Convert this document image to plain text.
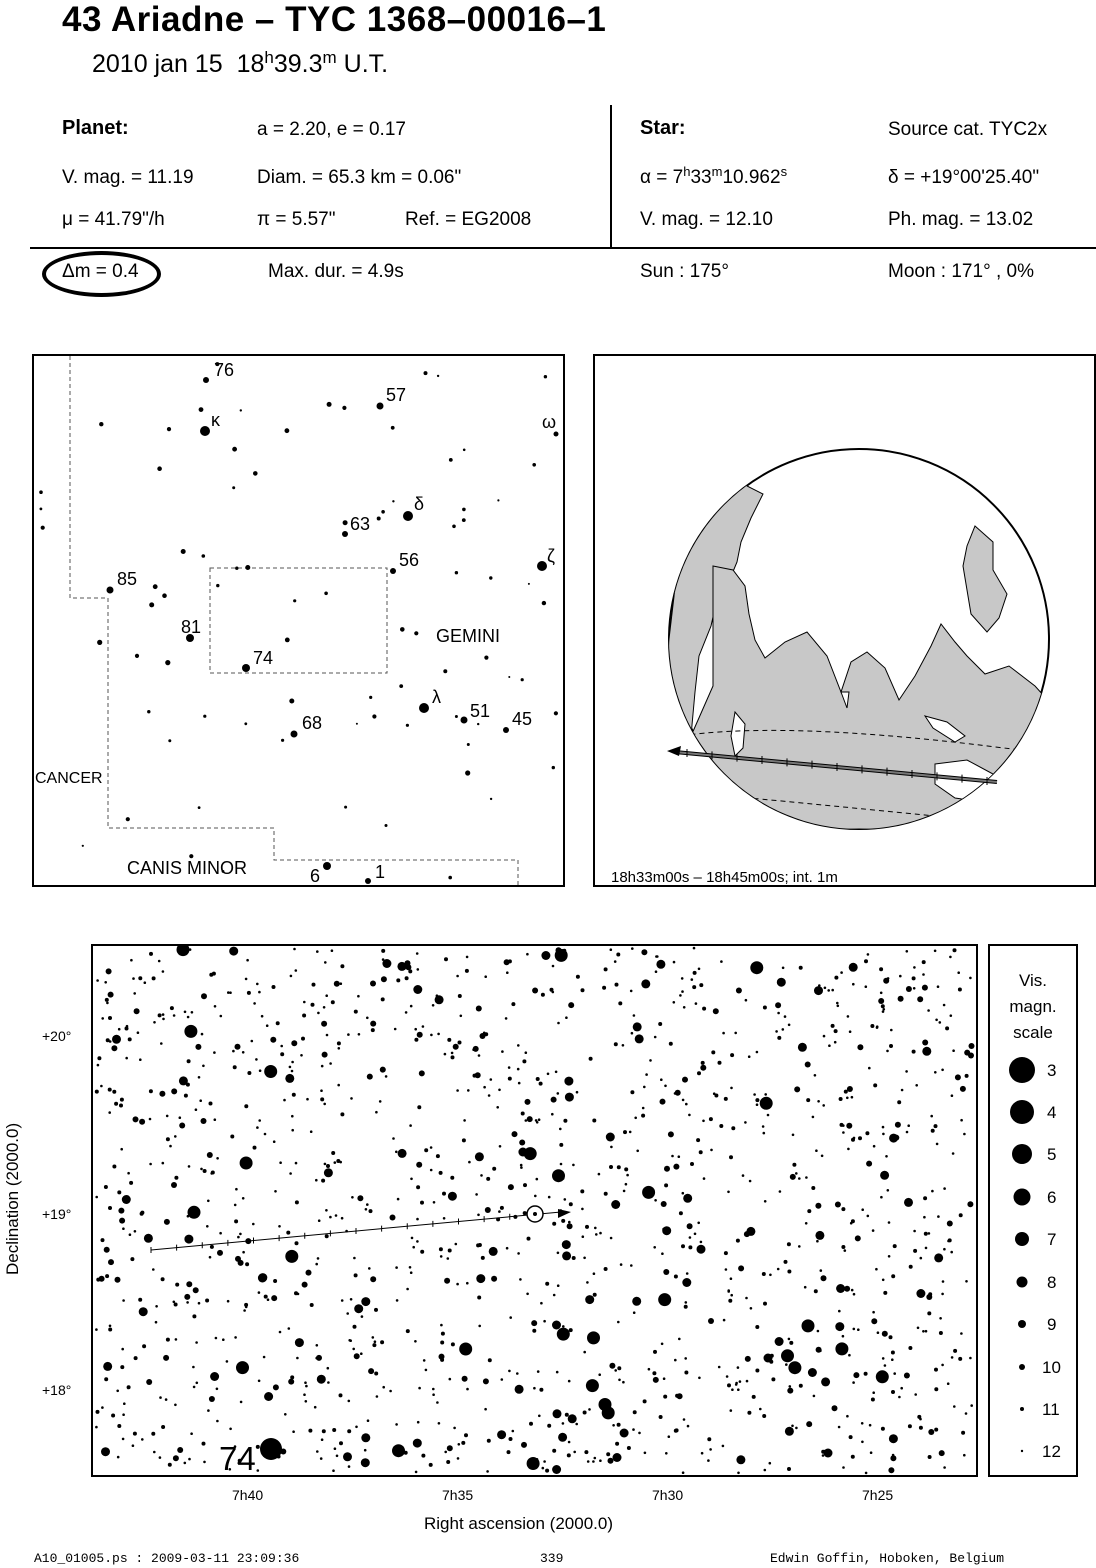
43 Ariadne – TYC 1368–00016–1
2010 jan 15 18$^h$39.3$^m$ U.T.
Planet:	a = 2.20, e = 0.17
V. mag. = 11.19	Diam. = 65.3 km = 0.06"
μ = 41.79"/h	π = 5.57"	Ref. = EG2008
Star:	Source cat. TYC2x
$\alpha = 7^h33^m10.962^s$	δ = +19°00'25.40"
V. mag. = 12.10	Ph. mag. = 13.02
Δm = 0.4	Max. dur. = 4.9s	Sun : 175°	Moon : 171° , 0%
76
57
κ	ω
δ
63
56	ζ
85
81
74
GEMINI
λ
51 45
68
CANCER
CANIS MINOR	6	1	18h33m00s – 18h45m00s; int. 1m
+20°
+19°
+18°
Declination (2000.0)
74
7h40	7h35	7h30	7h25
Right ascension (2000.0)
Vis.
magn.
scale
3
4
5
6
7
8
9
10
11
12
A10_01005.ps : 2009-03-11 23:09:36	339	Edwin Goffin, Hoboken, Belgium
